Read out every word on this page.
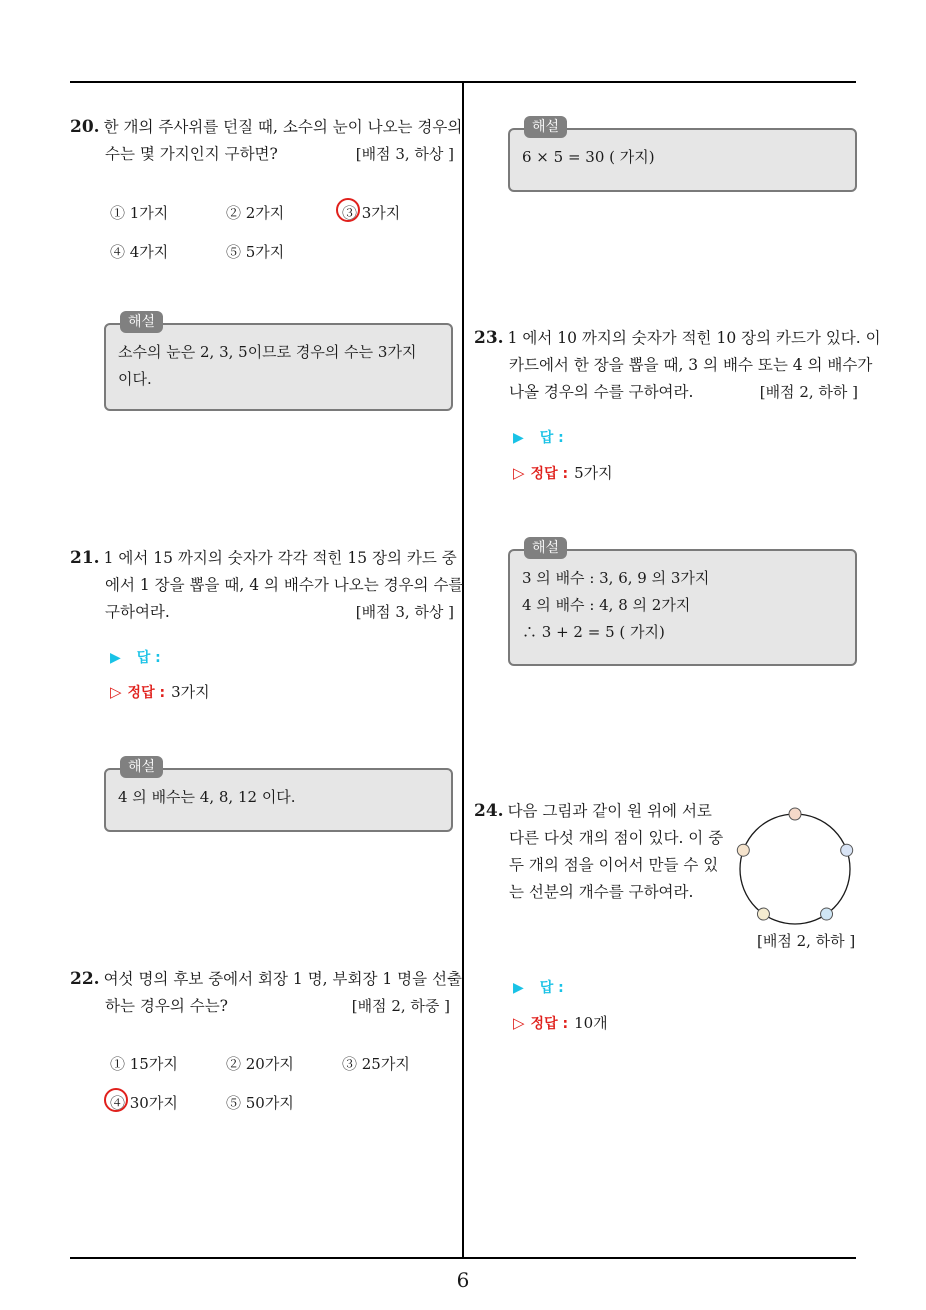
20. 한 개의 주사위를 던질 때, 소수의 눈이 나오는 경우의
수는 몇 가지인지 구하면?	[배점 3, 하상 ]
① 1가지	② 2가지	③ 3가지
④ 4가지	⑤ 5가지
해설
소수의 눈은 2, 3, 5이므로 경우의 수는 3가지
이다.
21. 1 에서 15 까지의 숫자가 각각 적힌 15 장의 카드 중
에서 1 장을 뽑을 때, 4 의 배수가 나오는 경우의 수를
구하여라.	[배점 3, 하상 ]
▶ 답 :
▷ 정답 : 3가지
해설
4 의 배수는 4, 8, 12 이다.
22. 여섯 명의 후보 중에서 회장 1 명, 부회장 1 명을 선출
하는 경우의 수는?	[배점 2, 하중 ]
① 15가지	② 20가지	③ 25가지
④ 30가지	⑤ 50가지
해설
6 × 5 = 30 ( 가지)
23. 1 에서 10 까지의 숫자가 적힌 10 장의 카드가 있다. 이
카드에서 한 장을 뽑을 때, 3 의 배수 또는 4 의 배수가
나올 경우의 수를 구하여라.	[배점 2, 하하 ]
▶ 답 :
▷ 정답 : 5가지
해설
3 의 배수 : 3, 6, 9 의 3가지
4 의 배수 : 4, 8 의 2가지
∴ 3 + 2 = 5 ( 가지)
24. 다음 그림과 같이 원 위에 서로
다른 다섯 개의 점이 있다. 이 중
두 개의 점을 이어서 만들 수 있
는 선분의 개수를 구하여라.
[배점 2, 하하 ]
▶ 답 :
▷ 정답 : 10개
6
